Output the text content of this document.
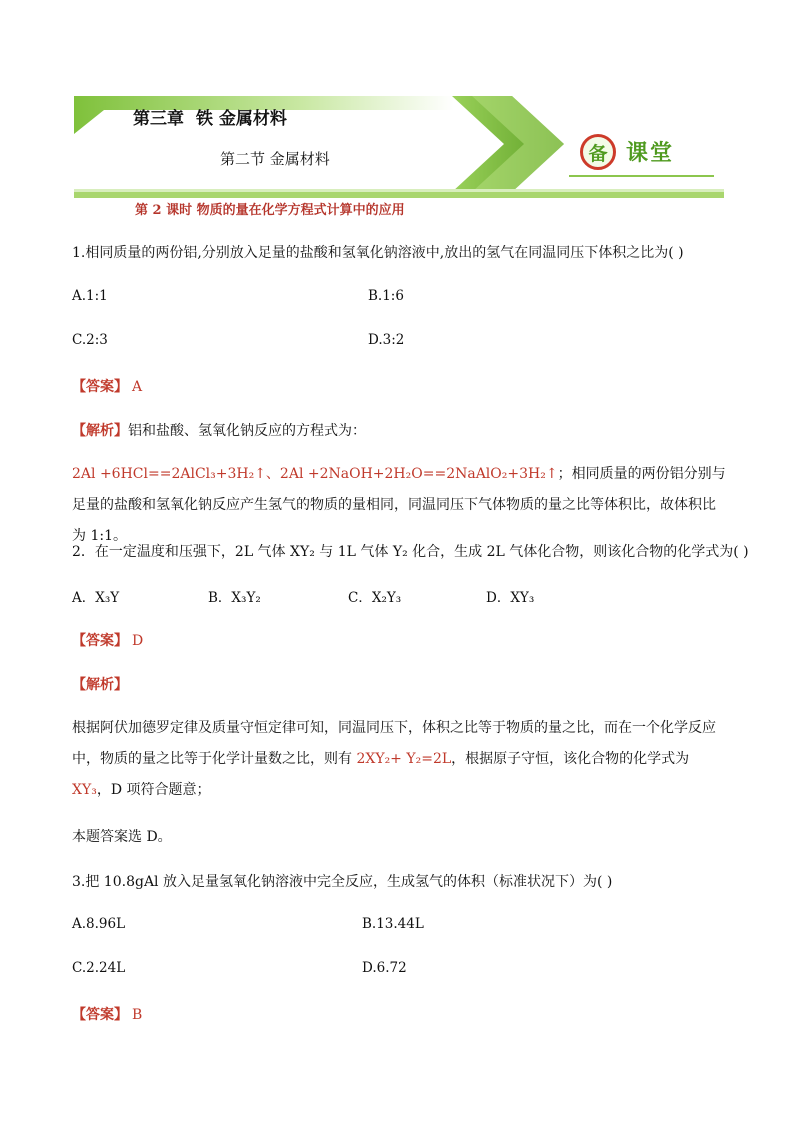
第三章 铁 金属材料
第二节 金属材料	备 课堂
第 2 课时 物质的量在化学方程式计算中的应用
1.相同质量的两份铝,分别放入足量的盐酸和氢氧化钠溶液中,放出的氢气在同温同压下体积之比为( )
A.1:1	B.1:6
C.2:3	D.3:2
【答案】 A
【解析】铝和盐酸、氢氧化钠反应的方程式为：
2Al +6HCl==2AlCl₃+3H₂↑、2Al +2NaOH+2H₂O==2NaAlO₂+3H₂↑；相同质量的两份铝分别与足量的盐酸和氢氧化钠反应产生氢气的物质的量相同，同温同压下气体物质的量之比等体积比，故体积比为 1:1。
2．在一定温度和压强下，2L 气体 XY₂ 与 1L 气体 Y₂ 化合，生成 2L 气体化合物，则该化合物的化学式为( )
A．X₃Y	B．X₃Y₂	C．X₂Y₃	D．XY₃
【答案】 D
【解析】
根据阿伏加德罗定律及质量守恒定律可知，同温同压下，体积之比等于物质的量之比，而在一个化学反应中，物质的量之比等于化学计量数之比，则有 2XY₂+ Y₂=2L，根据原子守恒，该化合物的化学式为 XY₃，D 项符合题意；
本题答案选 D。
3.把 10.8gAl 放入足量氢氧化钠溶液中完全反应，生成氢气的体积（标准状况下）为( )
A.8.96L	B.13.44L
C.2.24L	D.6.72
【答案】 B
